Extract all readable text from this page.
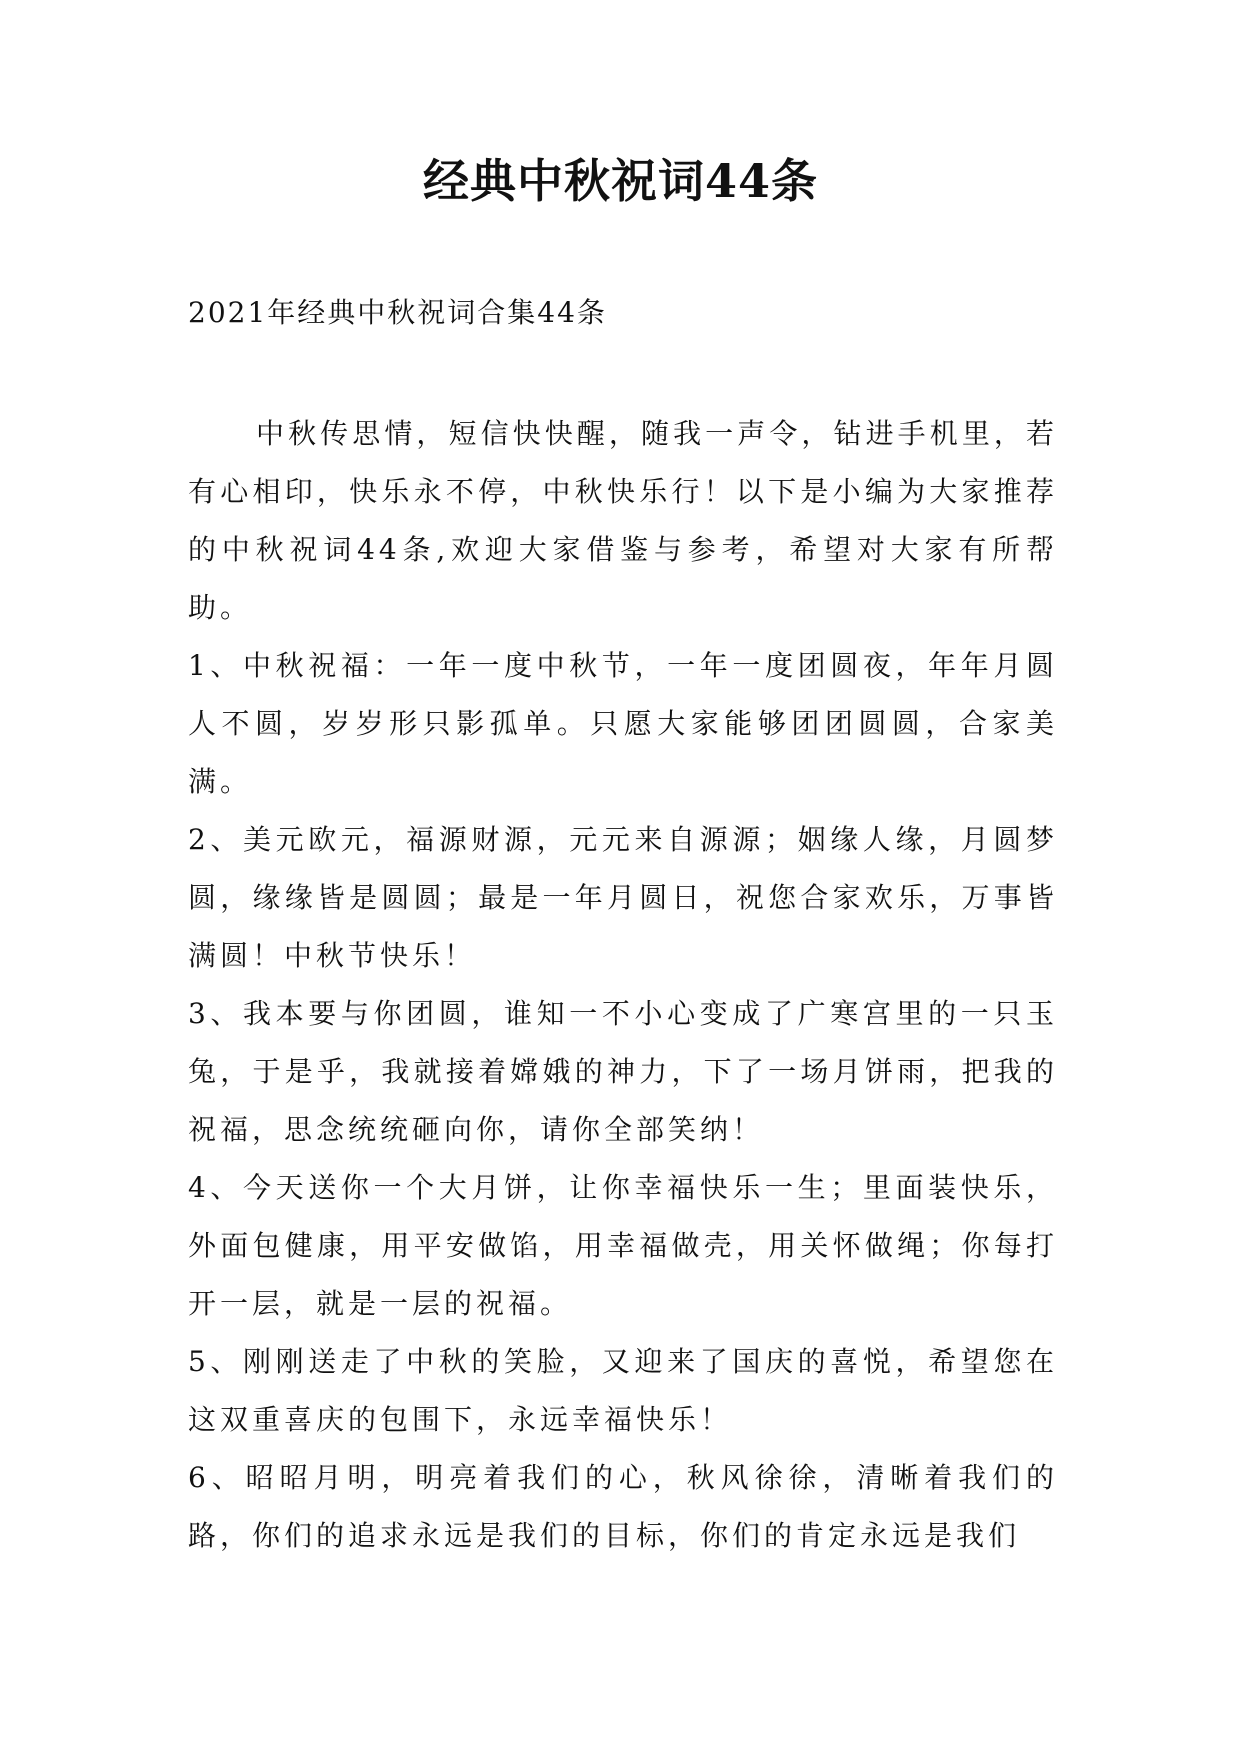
经典中秋祝词44条
2021年经典中秋祝词合集44条

中秋传思情，短信快快醒，随我一声令，钻进手机里，若有心相印，快乐永不停，中秋快乐行！以下是小编为大家推荐的中秋祝词44条,欢迎大家借鉴与参考，希望对大家有所帮助。

1、中秋祝福：一年一度中秋节，一年一度团圆夜，年年月圆人不圆，岁岁形只影孤单。只愿大家能够团团圆圆，合家美满。

2、美元欧元，福源财源，元元来自源源；姻缘人缘，月圆梦圆，缘缘皆是圆圆；最是一年月圆日，祝您合家欢乐，万事皆满圆！中秋节快乐！

3、我本要与你团圆，谁知一不小心变成了广寒宫里的一只玉兔，于是乎，我就接着嫦娥的神力，下了一场月饼雨，把我的祝福，思念统统砸向你，请你全部笑纳！

4、今天送你一个大月饼，让你幸福快乐一生；里面装快乐，外面包健康，用平安做馅，用幸福做壳，用关怀做绳；你每打开一层，就是一层的祝福。

5、刚刚送走了中秋的笑脸，又迎来了国庆的喜悦，希望您在这双重喜庆的包围下，永远幸福快乐！

6、昭昭月明，明亮着我们的心，秋风徐徐，清晰着我们的路，你们的追求永远是我们的目标，你们的肯定永远是我们
